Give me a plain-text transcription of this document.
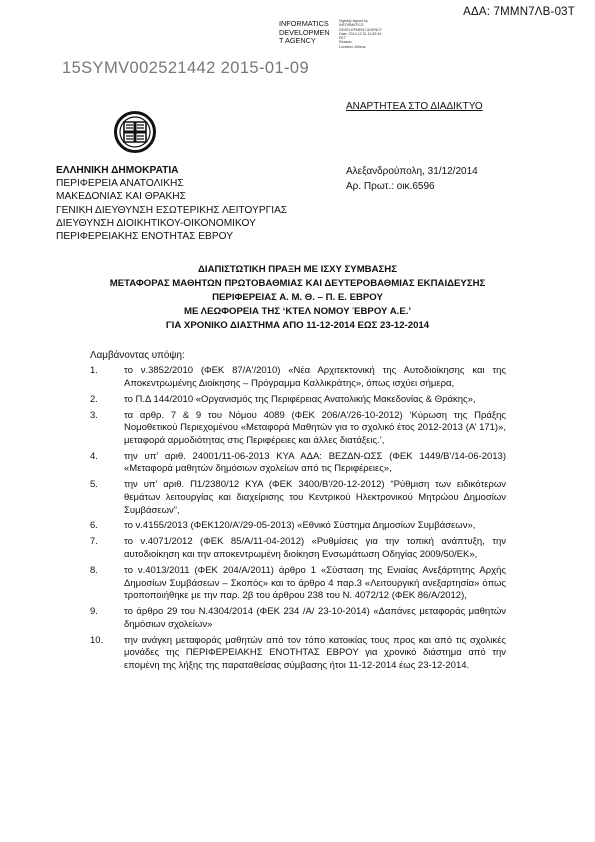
ΑΔΑ: 7ΜΜΝ7ΛΒ-03Τ
INFORMATICS
DEVELOPMEN
T AGENCY
Digitally signed by
INFORMATICS
DEVELOPMENT AGENCY
Date: 2014.12.31 11:00:34
EET
Reason:
Location: Athens
15SYMV002521442 2015-01-09
ΑΝΑΡΤΗΤΕΑ ΣΤΟ ΔΙΑΔΙΚΤΥΟ
ΕΛΛΗΝΙΚΗ ΔΗΜΟΚΡΑΤΙΑ
ΠΕΡΙΦΕΡΕΙΑ ΑΝΑΤΟΛΙΚΗΣ
ΜΑΚΕΔΟΝΙΑΣ ΚΑΙ ΘΡΑΚΗΣ
ΓΕΝΙΚΗ ΔΙΕΥΘΥΝΣΗ ΕΣΩΤΕΡΙΚΗΣ ΛΕΙΤΟΥΡΓΙΑΣ
ΔΙΕΥΘΥΝΣΗ ΔΙΟΙΚΗΤΙΚΟΥ-ΟΙΚΟΝΟΜΙΚΟΥ
ΠΕΡΙΦΕΡΕΙΑΚΗΣ ΕΝΟΤΗΤΑΣ ΕΒΡΟΥ
Αλεξανδρούπολη, 31/12/2014
Αρ. Πρωτ.: οικ.6596
ΔΙΑΠΙΣΤΩΤΙΚΗ ΠΡΑΞΗ ΜΕ ΙΣΧΥ ΣΥΜΒΑΣΗΣ
ΜΕΤΑΦΟΡΑΣ ΜΑΘΗΤΩΝ ΠΡΩΤΟΒΑΘΜΙΑΣ ΚΑΙ ΔΕΥΤΕΡΟΒΑΘΜΙΑΣ ΕΚΠΑΙΔΕΥΣΗΣ
ΠΕΡΙΦΕΡΕΙΑΣ Α. Μ. Θ. – Π. Ε. ΕΒΡΟΥ
ΜΕ ΛΕΩΦΟΡΕΙΑ ΤΗΣ ‘ΚΤΕΛ ΝΟΜΟΥ ΈΒΡΟΥ Α.Ε.’
ΓΙΑ ΧΡΟΝΙΚΟ ΔΙΑΣΤΗΜΑ ΑΠΟ 11-12-2014 ΕΩΣ 23-12-2014
Λαμβάνοντας υπόψη:
1.	το ν.3852/2010 (ΦΕΚ 87/Α'/2010) «Νέα Αρχιτεκτονική της Αυτοδιοίκησης και της Αποκεντρωμένης Διοίκησης – Πρόγραμμα Καλλικράτης», όπως ισχύει σήμερα,
2.	το Π.Δ 144/2010 «Οργανισμός της Περιφέρειας Ανατολικής Μακεδονίας & Θράκης»,
3.	τα αρθρ. 7 & 9 του Νόμου 4089 (ΦΕΚ 206/Α'/26-10-2012) ‘Κύρωση της Πράξης Νομοθετικού Περιεχομένου «Μεταφορά Μαθητών για το σχολικό έτος 2012-2013 (Α’ 171)», μεταφορά αρμοδιότητας στις Περιφέρειες και άλλες διατάξεις.’,
4.	την υπ’ αριθ. 24001/11-06-2013 ΚΥΑ ΑΔΑ: ΒΕΖΔΝ-ΩΣΣ (ΦΕΚ 1449/Β’/14-06-2013) «Μεταφορά μαθητών δημόσιων σχολείων από τις Περιφέρειες»,
5.	την υπ’ αριθ. Π1/2380/12 ΚΥΑ (ΦΕΚ 3400/Β'/20-12-2012) “Ρύθμιση των ειδικότερων θεμάτων λειτουργίας και διαχείρισης του Κεντρικού Ηλεκτρονικού Μητρώου Δημοσίων Συμβάσεων”,
6.	το ν.4155/2013 (ΦΕΚ120/Α’/29-05-2013) «Εθνικό Σύστημα Δημοσίων Συμβάσεων»,
7.	το ν.4071/2012 (ΦΕΚ 85/Α/11-04-2012) «Ρυθμίσεις για την τοπική ανάπτυξη, την αυτοδιοίκηση και την αποκεντρωμένη διοίκηση Ενσωμάτωση Οδηγίας 2009/50/ΕΚ»,
8.	το ν.4013/2011 (ΦΕΚ 204/Α/2011) άρθρο 1 «Σύσταση της Ενιαίας Ανεξάρτητης Αρχής Δημοσίων Συμβάσεων – Σκοπός» και το άρθρο 4 παρ.3 «Λειτουργική ανεξαρτησία» όπως τροποποιήθηκε με την παρ. 2β του άρθρου 238 του Ν. 4072/12 (ΦΕΚ 86/Α/2012),
9.	το άρθρο 29 του Ν.4304/2014 (ΦΕΚ 234 /Α/ 23-10-2014) «Δαπάνες μεταφοράς μαθητών δημόσιων σχολείων»
10.	την ανάγκη μεταφοράς μαθητών από τον τόπο κατοικίας τους προς και από τις σχολικές μονάδες της ΠΕΡΙΦΕΡΕΙΑΚΗΣ ΕΝΟΤΗΤΑΣ ΕΒΡΟΥ για χρονικό διάστημα από την επομένη της λήξης της παραταθείσας σύμβασης ήτοι 11-12-2014 έως 23-12-2014.
